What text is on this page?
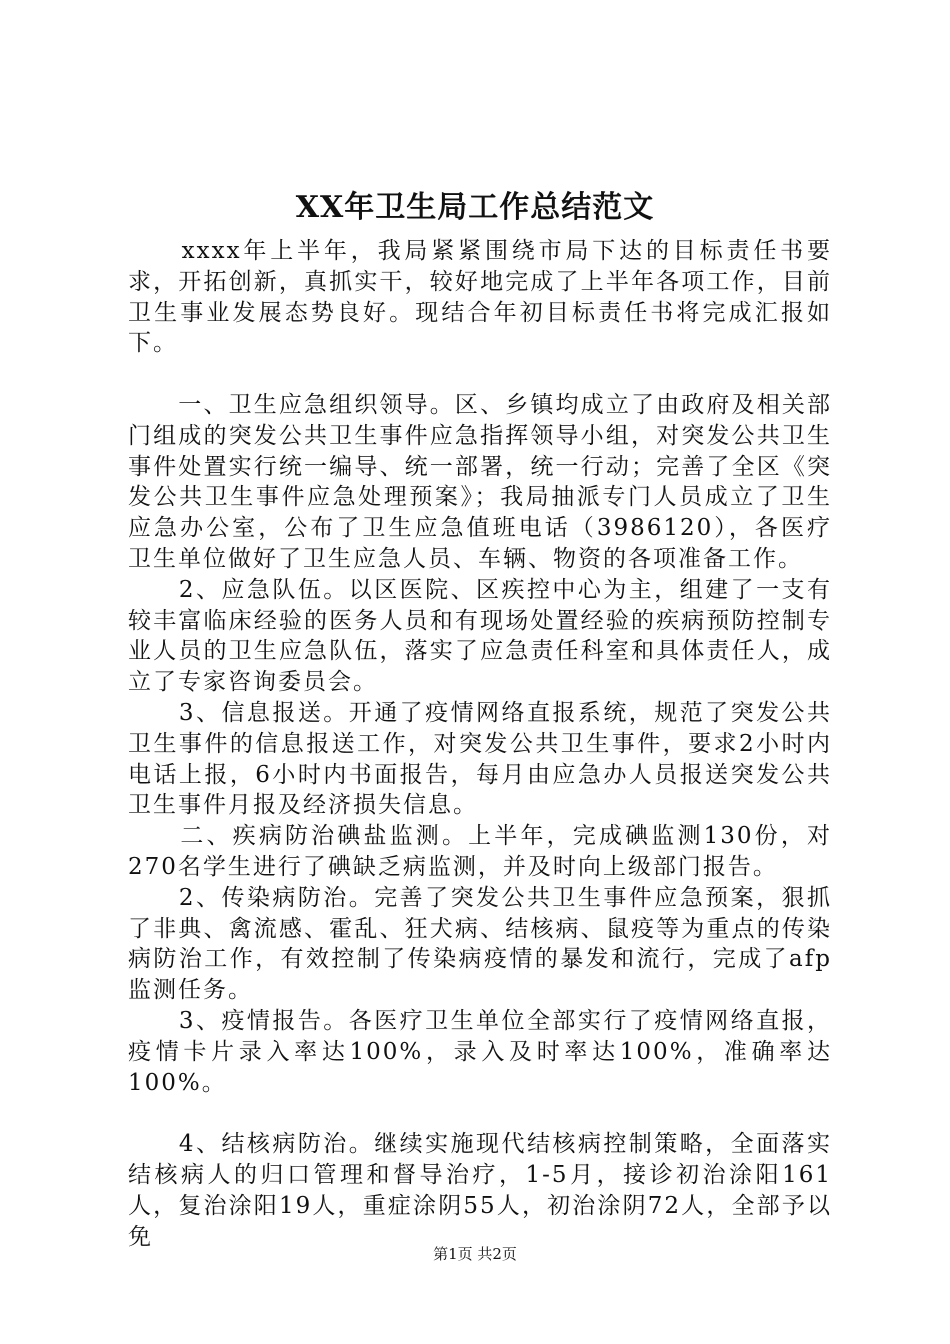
XX年卫生局工作总结范文

　　xxxx年上半年，我局紧紧围绕市局下达的目标责任书要求，开拓创新，真抓实干，较好地完成了上半年各项工作，目前卫生事业发展态势良好。现结合年初目标责任书将完成汇报如下。

　　一、卫生应急组织领导。区、乡镇均成立了由政府及相关部门组成的突发公共卫生事件应急指挥领导小组，对突发公共卫生事件处置实行统一编导、统一部署，统一行动；完善了全区《突发公共卫生事件应急处理预案》；我局抽派专门人员成立了卫生应急办公室，公布了卫生应急值班电话（3986120），各医疗卫生单位做好了卫生应急人员、车辆、物资的各项准备工作。

　　2、应急队伍。以区医院、区疾控中心为主，组建了一支有较丰富临床经验的医务人员和有现场处置经验的疾病预防控制专业人员的卫生应急队伍，落实了应急责任科室和具体责任人，成立了专家咨询委员会。

　　3、信息报送。开通了疫情网络直报系统，规范了突发公共卫生事件的信息报送工作，对突发公共卫生事件，要求2小时内电话上报，6小时内书面报告，每月由应急办人员报送突发公共卫生事件月报及经济损失信息。

　　二、疾病防治碘盐监测。上半年，完成碘监测130份，对270名学生进行了碘缺乏病监测，并及时向上级部门报告。

　　2、传染病防治。完善了突发公共卫生事件应急预案，狠抓了非典、禽流感、霍乱、狂犬病、结核病、鼠疫等为重点的传染病防治工作，有效控制了传染病疫情的暴发和流行，完成了afp监测任务。

　　3、疫情报告。各医疗卫生单位全部实行了疫情网络直报，疫情卡片录入率达100%，录入及时率达100%，准确率达100%。

　　4、结核病防治。继续实施现代结核病控制策略，全面落实结核病人的归口管理和督导治疗，1-5月，接诊初治涂阳161人，复治涂阳19人，重症涂阴55人，初治涂阴72人，全部予以免

第1页 共2页
